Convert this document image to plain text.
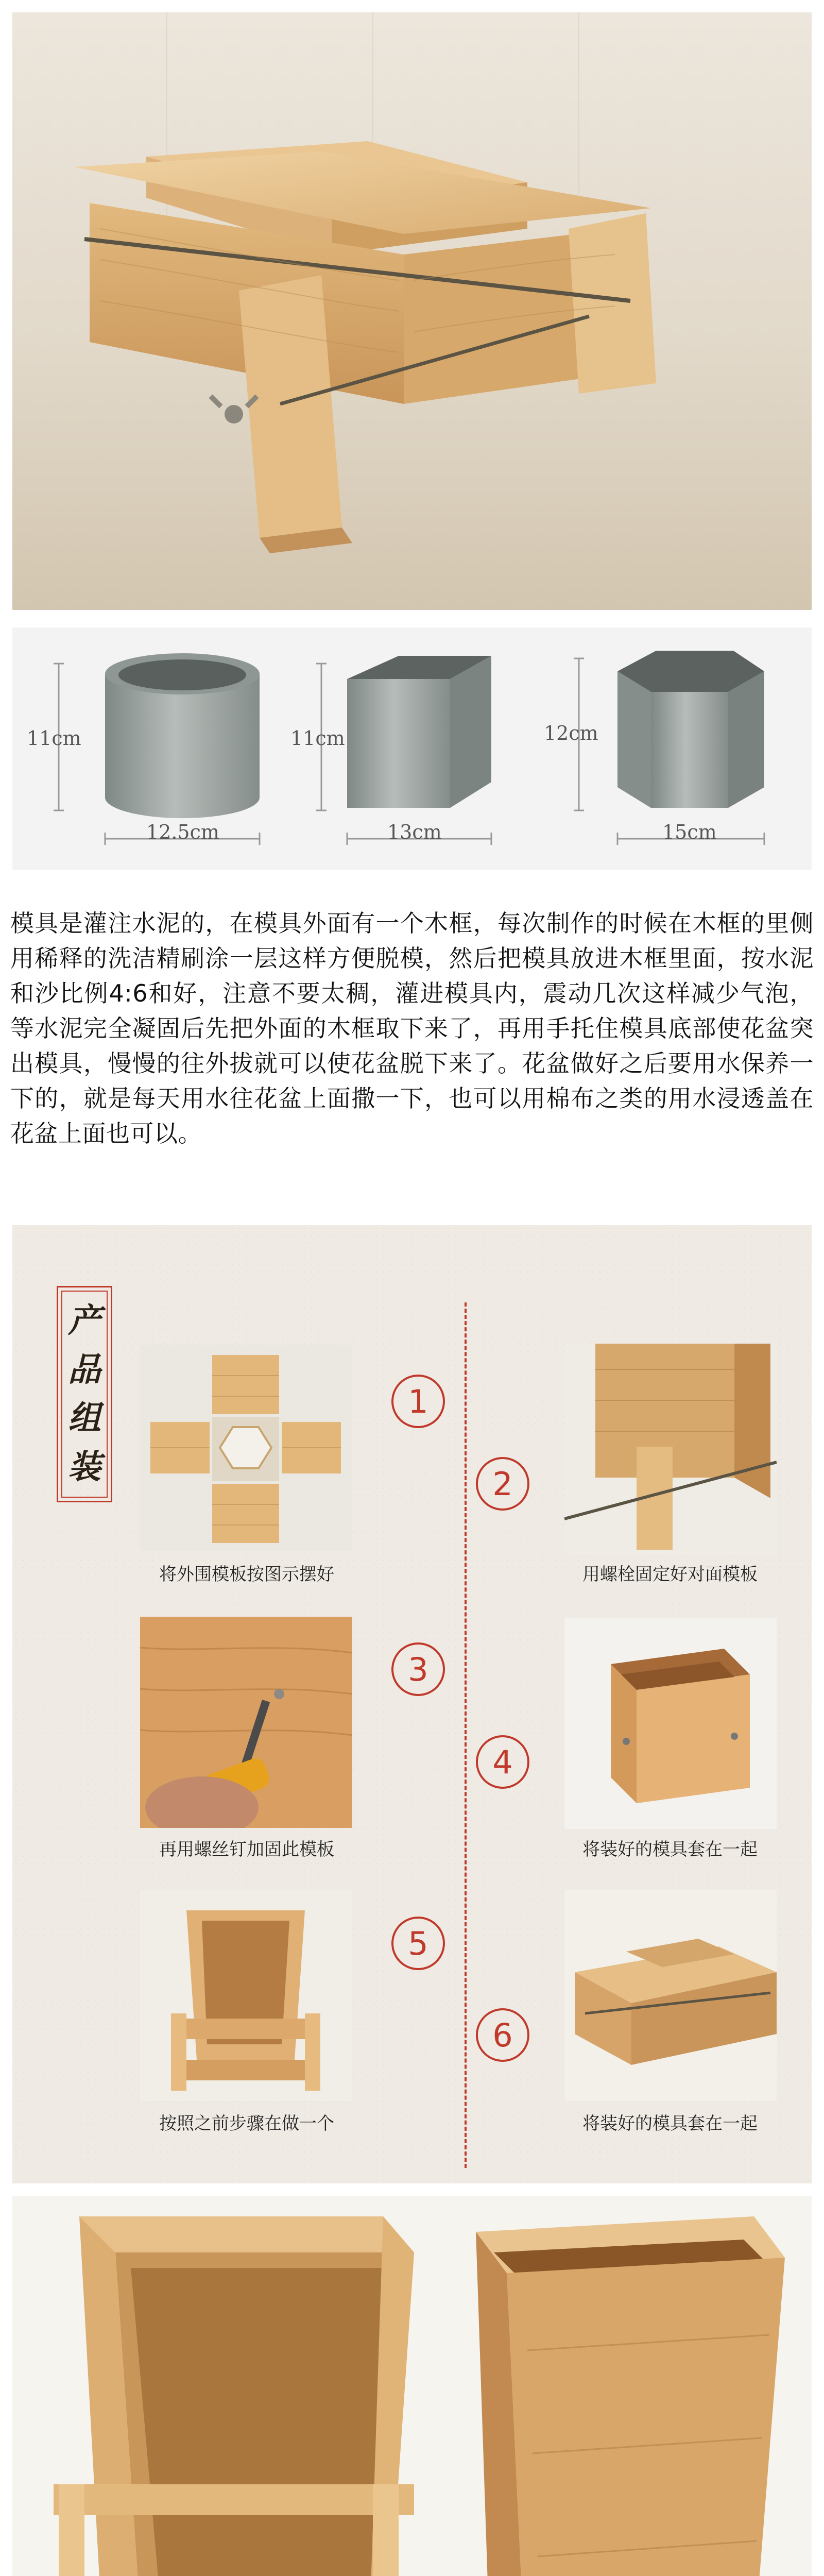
11cm
12.5cm
11cm
13cm
12cm
15cm

模具是灌注水泥的，在模具外面有一个木框，每次制作的时候在木框的里侧用稀释的洗洁精刷涂一层这样方便脱模，然后把模具放进木框里面，按水泥和沙比例4:6和好，注意不要太稠，灌进模具内，震动几次这样减少气泡，等水泥完全凝固后先把外面的木框取下来了，再用手托住模具底部使花盆突出模具，慢慢的往外拔就可以使花盆脱下来了。花盆做好之后要用水保养一下的，就是每天用水往花盆上面撒一下，也可以用棉布之类的用水浸透盖在花盆上面也可以。

产
品
组
装
1
将外围模板按图示摆好
2
用螺栓固定好对面模板
3
再用螺丝钉加固此模板
4
将装好的模具套在一起
5
按照之前步骤在做一个
6
将装好的模具套在一起
